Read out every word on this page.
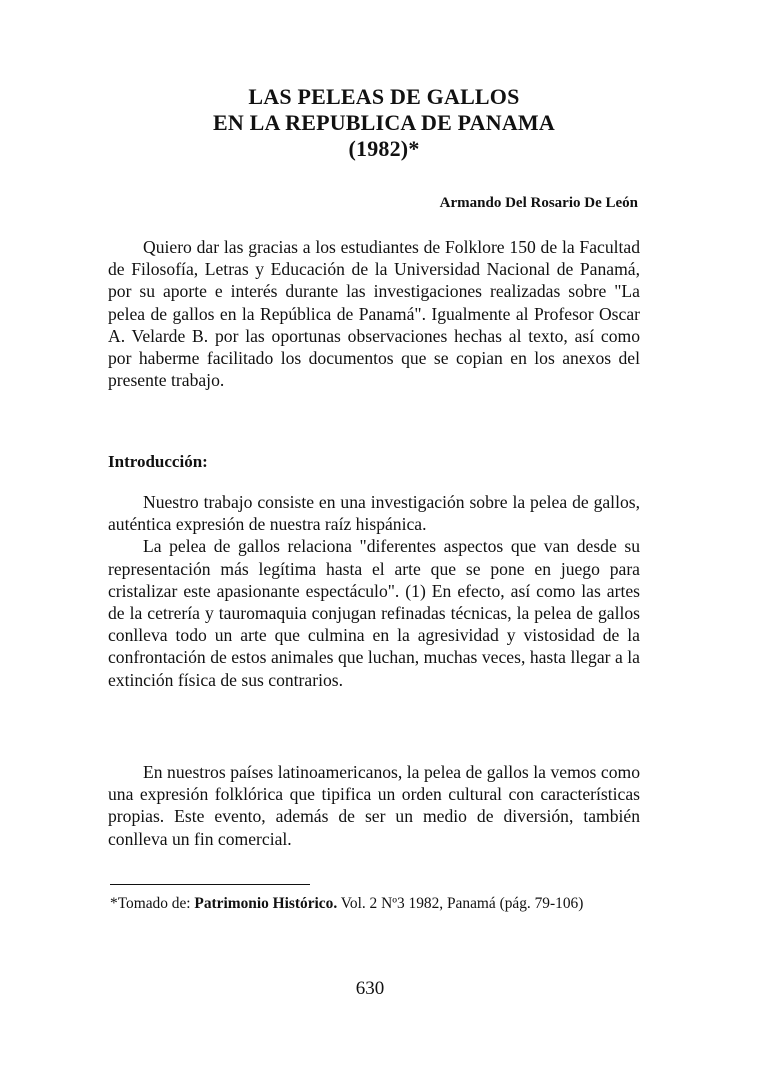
LAS PELEAS DE GALLOS
EN LA REPUBLICA DE PANAMA
(1982)*
Armando Del Rosario De León

Quiero dar las gracias a los estudiantes de Folklore 150 de la Facultad de Filosofía, Letras y Educación de la Universidad Nacional de Panamá, por su aporte e interés durante las investigaciones realizadas sobre "La pelea de gallos en la República de Panamá". Igualmente al Profesor Oscar A. Velarde B. por las oportunas observaciones hechas al texto, así como por haberme facilitado los documentos que se copian en los anexos del presente trabajo.

Introducción:

Nuestro trabajo consiste en una investigación sobre la pelea de gallos, auténtica expresión de nuestra raíz hispánica.

La pelea de gallos relaciona "diferentes aspectos que van desde su representación más legítima hasta el arte que se pone en juego para cristalizar este apasionante espectáculo". (1) En efecto, así como las artes de la cetrería y tauromaquia conjugan refinadas técnicas, la pelea de gallos conlleva todo un arte que culmina en la agresividad y vistosidad de la confrontación de estos animales que luchan, muchas veces, hasta llegar a la extinción física de sus contrarios.

En nuestros países latinoamericanos, la pelea de gallos la vemos como una expresión folklórica que tipifica un orden cultural con características propias. Este evento, además de ser un medio de diversión, también conlleva un fin comercial.

*Tomado de: Patrimonio Histórico. Vol. 2 Nº3 1982, Panamá (pág. 79-106)
630
